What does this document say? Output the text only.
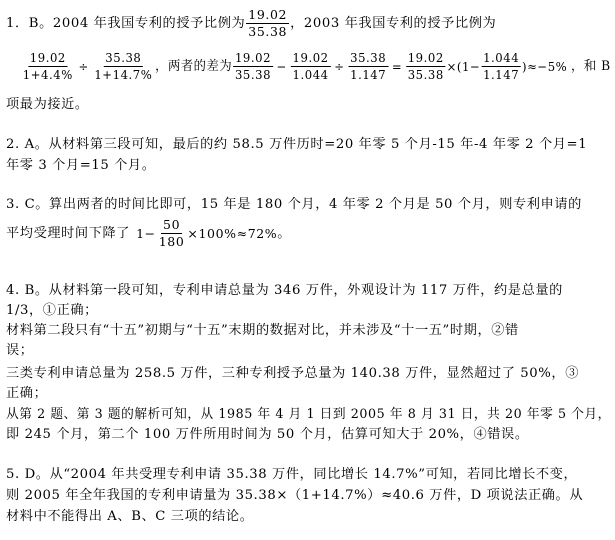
1．B。2004 年我国专利的授予比例为 $\frac{19.02}{35.38}$ ，2003 年我国专利的授予比例为
$\frac{19.02}{1+4.4\%} \div \frac{35.38}{1+14.7\%}$ ，两者的差为 $\frac{19.02}{35.38} - \frac{19.02}{1.044} \div \frac{35.38}{1.147} = \frac{19.02}{35.38} \times(1- \frac{1.044}{1.147} )\approx-5\%$ ，和 B
项最为接近。
2. A。从材料第三段可知，最后的约 58.5 万件历时=20 年零 5 个月-15 年-4 年零 2 个月=1
年零 3 个月=15 个月。
3. C。算出两者的时间比即可，15 年是 180 个月，4 年零 2 个月是 50 个月，则专利申请的
平均受理时间下降了 $1- \frac{50}{180} \times 100\%\approx 72\%$ 。
4. B。从材料第一段可知，专利申请总量为 346 万件，外观设计为 117 万件，约是总量的
1/3，①正确；
材料第二段只有“十五”初期与“十五”末期的数据对比，并未涉及“十一五”时期，②错
误；
三类专利申请总量为 258.5 万件，三种专利授予总量为 140.38 万件，显然超过了 50%，③
正确；
从第 2 题、第 3 题的解析可知，从 1985 年 4 月 1 日到 2005 年 8 月 31 日，共 20 年零 5 个月，
即 245 个月，第二个 100 万件所用时间为 50 个月，估算可知大于 20%，④错误。
5. D。从“2004 年共受理专利申请 35.38 万件，同比增长 14.7%”可知，若同比增长不变，
则 2005 年全年我国的专利申请量为 35.38×（1+14.7%）≈40.6 万件，D 项说法正确。从
材料中不能得出 A、B、C 三项的结论。
